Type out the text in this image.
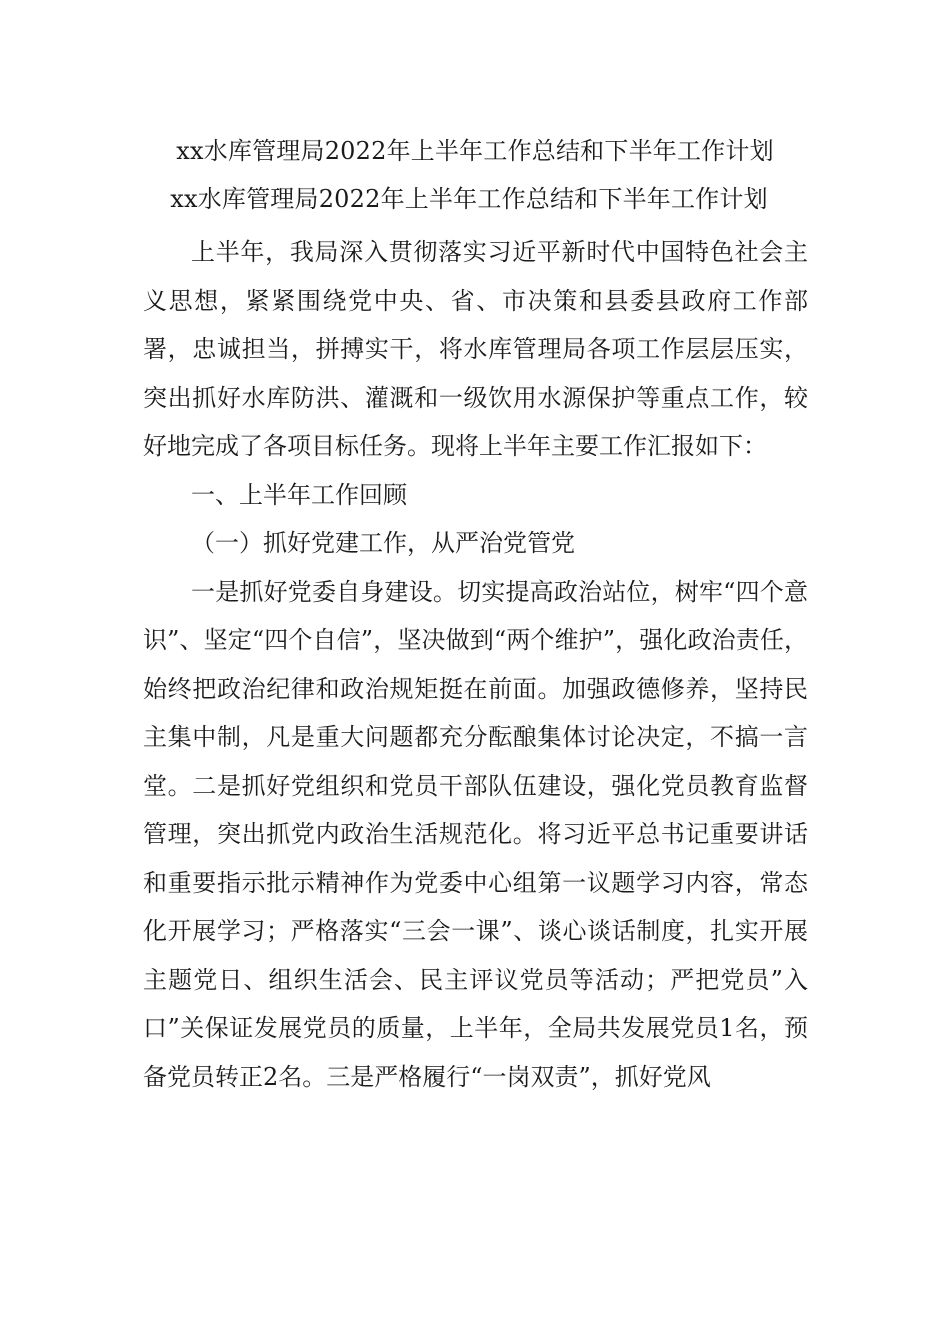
xx水库管理局2022年上半年工作总结和下半年工作计划
xx水库管理局2022年上半年工作总结和下半年工作计划

上半年，我局深入贯彻落实习近平新时代中国特色社会主义思想，紧紧围绕党中央、省、市决策和县委县政府工作部署，忠诚担当，拼搏实干，将水库管理局各项工作层层压实，突出抓好水库防洪、灌溉和一级饮用水源保护等重点工作，较好地完成了各项目标任务。现将上半年主要工作汇报如下：

一、上半年工作回顾

（一）抓好党建工作，从严治党管党

一是抓好党委自身建设。切实提高政治站位，树牢“四个意识”、坚定“四个自信”，坚决做到“两个维护”，强化政治责任，始终把政治纪律和政治规矩挺在前面。加强政德修养，坚持民主集中制，凡是重大问题都充分酝酿集体讨论决定，不搞一言堂。二是抓好党组织和党员干部队伍建设，强化党员教育监督管理，突出抓党内政治生活规范化。将习近平总书记重要讲话和重要指示批示精神作为党委中心组第一议题学习内容，常态化开展学习；严格落实“三会一课”、谈心谈话制度，扎实开展主题党日、组织生活会、民主评议党员等活动；严把党员”入口”关保证发展党员的质量，上半年，全局共发展党员1名，预备党员转正2名。三是严格履行“一岗双责”，抓好党风
